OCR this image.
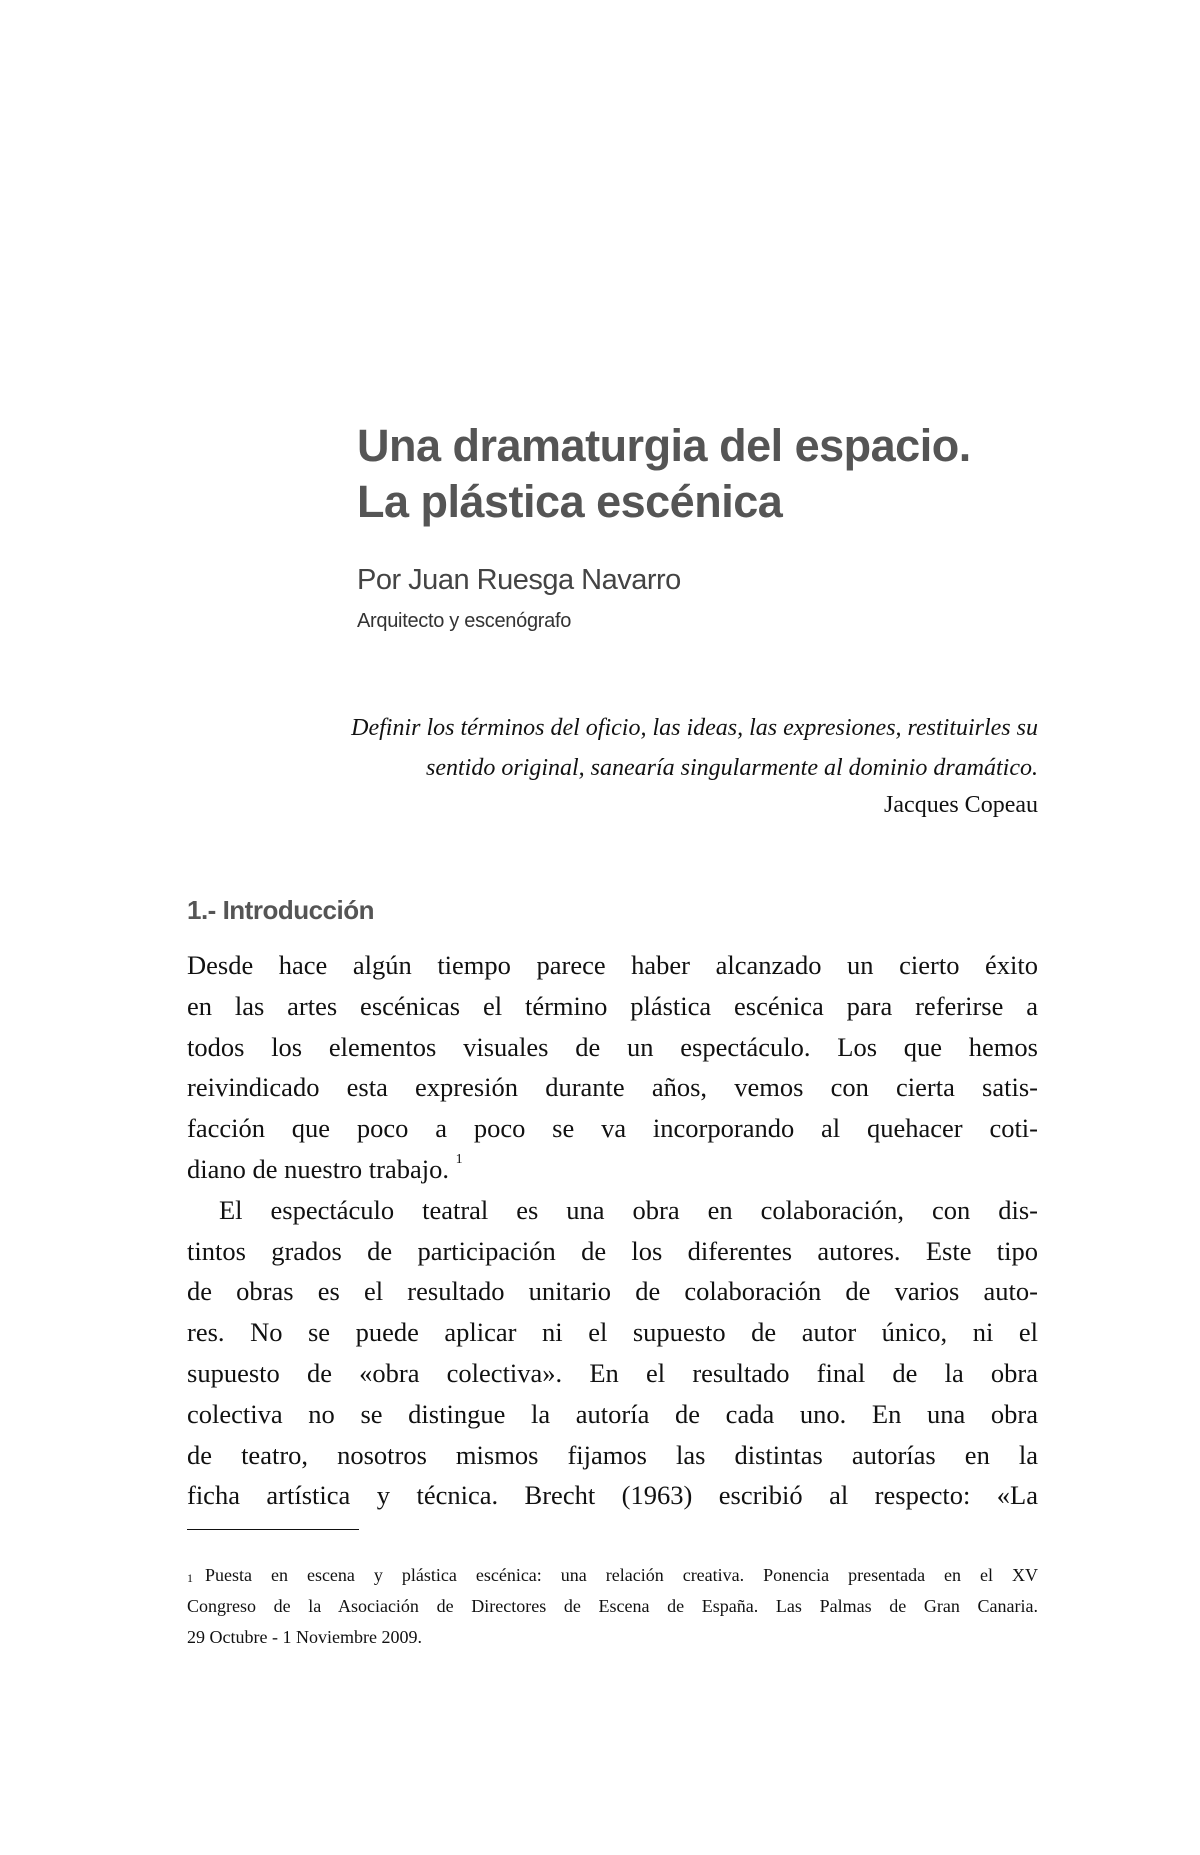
Una dramaturgia del espacio.
La plástica escénica
Por Juan Ruesga Navarro
Arquitecto y escenógrafo
Definir los términos del oficio, las ideas, las expresiones, restituirles su
sentido original, sanearía singularmente al dominio dramático.
Jacques Copeau
1.- Introducción
Desde hace algún tiempo parece haber alcanzado un cierto éxito
en las artes escénicas el término plástica escénica para referirse a
todos los elementos visuales de un espectáculo. Los que hemos
reivindicado esta expresión durante años, vemos con cierta satis-
facción que poco a poco se va incorporando al quehacer coti-
diano de nuestro trabajo. $^1$
El espectáculo teatral es una obra en colaboración, con dis-
tintos grados de participación de los diferentes autores. Este tipo
de obras es el resultado unitario de colaboración de varios auto-
res. No se puede aplicar ni el supuesto de autor único, ni el
supuesto de «obra colectiva». En el resultado final de la obra
colectiva no se distingue la autoría de cada uno. En una obra
de teatro, nosotros mismos fijamos las distintas autorías en la
ficha artística y técnica. Brecht (1963) escribió al respecto: «La
$^1$ Puesta en escena y plástica escénica: una relación creativa. Ponencia presentada en el XV
Congreso de la Asociación de Directores de Escena de España. Las Palmas de Gran Canaria.
29 Octubre - 1 Noviembre 2009.
